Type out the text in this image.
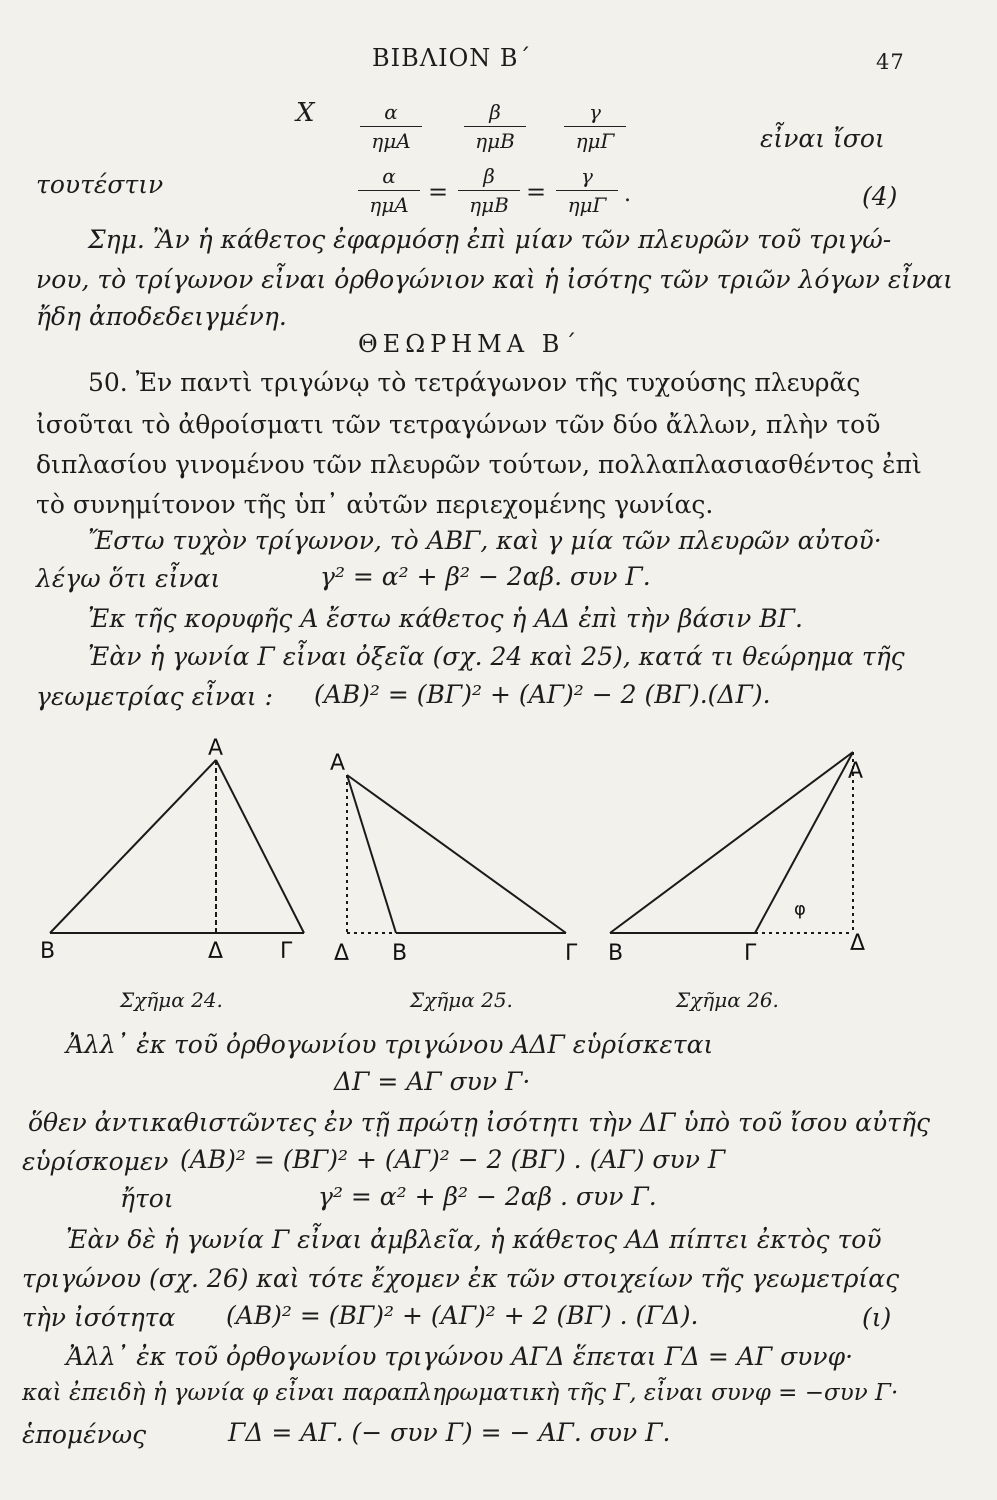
ΒΙΒΛΙΟΝ Β΄	47
Χ	α
ημA
β
ημB
γ
ημΓ	εἶναι ἴσοι
τουτέστιν	α
ημA =
β
ημB =
γ
ημΓ .	(4)
Σημ. Ἂν ἡ κάθετος ἐφαρμόσῃ ἐπὶ μίαν τῶν πλευρῶν τοῦ τριγώ-
νου, τὸ τρίγωνον εἶναι ὀρθογώνιον καὶ ἡ ἰσότης τῶν τριῶν λόγων εἶναι
ἤδη ἀποδεδειγμένη.
ΘΕΩΡΗΜΑ Β΄
50. Ἐν παντὶ τριγώνῳ τὸ τετράγωνον τῆς τυχούσης πλευρᾶς
ἰσοῦται τὸ ἀθροίσματι τῶν τετραγώνων τῶν δύο ἄλλων, πλὴν τοῦ
διπλασίου γινομένου τῶν πλευρῶν τούτων, πολλαπλασιασθέντος ἐπὶ
τὸ συνημίτονον τῆς ὑπ᾽ αὐτῶν περιεχομένης γωνίας.
Ἔστω τυχὸν τρίγωνον, τὸ ΑΒΓ, καὶ γ μία τῶν πλευρῶν αὐτοῦ·
λέγω ὅτι εἶναι	γ² = α² + β² − 2αβ. συν Γ.
Ἐκ τῆς κορυφῆς Α ἔστω κάθετος ἡ ΑΔ ἐπὶ τὴν βάσιν ΒΓ.
Ἐὰν ἡ γωνία Γ εἶναι ὀξεῖα (σχ. 24 καὶ 25), κατά τι θεώρημα τῆς
γεωμετρίας εἶναι : (ΑΒ)² = (ΒΓ)² + (ΑΓ)² − 2 (ΒΓ).(ΔΓ).
Α
Β	Δ	Γ
Α
Δ Β	Γ
Α
Β	Γ	Δ
φ
Σχῆμα 24.	Σχῆμα 25.	Σχῆμα 26.
Ἀλλ᾽ ἐκ τοῦ ὀρθογωνίου τριγώνου ΑΔΓ εὑρίσκεται
ΔΓ = ΑΓ συν Γ·
ὅθεν ἀντικαθιστῶντες ἐν τῇ πρώτῃ ἰσότητι τὴν ΔΓ ὑπὸ τοῦ ἴσου αὐτῆς
εὑρίσκομεν (ΑΒ)² = (ΒΓ)² + (ΑΓ)² − 2 (ΒΓ) . (ΑΓ) συν Γ
ἤτοι	γ² = α² + β² − 2αβ . συν Γ.
Ἐὰν δὲ ἡ γωνία Γ εἶναι ἀμβλεῖα, ἡ κάθετος ΑΔ πίπτει ἐκτὸς τοῦ
τριγώνου (σχ. 26) καὶ τότε ἔχομεν ἐκ τῶν στοιχείων τῆς γεωμετρίας
τὴν ἰσότητα (ΑΒ)² = (ΒΓ)² + (ΑΓ)² + 2 (ΒΓ) . (ΓΔ).	(ι)
Ἀλλ᾽ ἐκ τοῦ ὀρθογωνίου τριγώνου ΑΓΔ ἕπεται ΓΔ = ΑΓ συνφ·
καὶ ἐπειδὴ ἡ γωνία φ εἶναι παραπληρωματικὴ τῆς Γ, εἶναι συνφ = −συν Γ·
ἑπομένως	ΓΔ = ΑΓ. (− συν Γ) = − ΑΓ. συν Γ.
